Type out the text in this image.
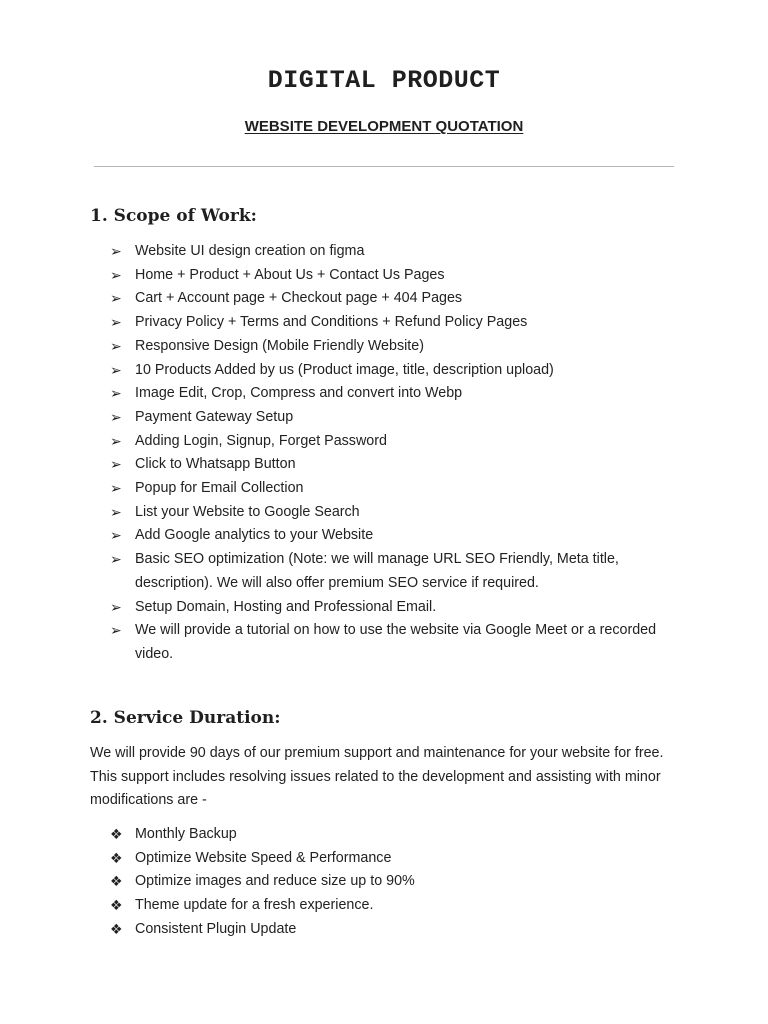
DIGITAL PRODUCT
WEBSITE DEVELOPMENT QUOTATION
1. Scope of Work:
➢ Website UI design creation on figma
➢ Home + Product + About Us + Contact Us Pages
➢ Cart + Account page + Checkout page + 404 Pages
➢ Privacy Policy + Terms and Conditions + Refund Policy Pages
➢ Responsive Design (Mobile Friendly Website)
➢ 10 Products Added by us (Product image, title, description upload)
➢ Image Edit, Crop, Compress and convert into Webp
➢ Payment Gateway Setup
➢ Adding Login, Signup, Forget Password
➢ Click to Whatsapp Button
➢ Popup for Email Collection
➢ List your Website to Google Search
➢ Add Google analytics to your Website
➢ Basic SEO optimization (Note: we will manage URL SEO Friendly, Meta title, description). We will also offer premium SEO service if required.
➢ Setup Domain, Hosting and Professional Email.
➢ We will provide a tutorial on how to use the website via Google Meet or a recorded video.
2. Service Duration:

We will provide 90 days of our premium support and maintenance for your website for free. This support includes resolving issues related to the development and assisting with minor modifications are -

❖ Monthly Backup
❖ Optimize Website Speed & Performance
❖ Optimize images and reduce size up to 90%
❖ Theme update for a fresh experience.
❖ Consistent Plugin Update
